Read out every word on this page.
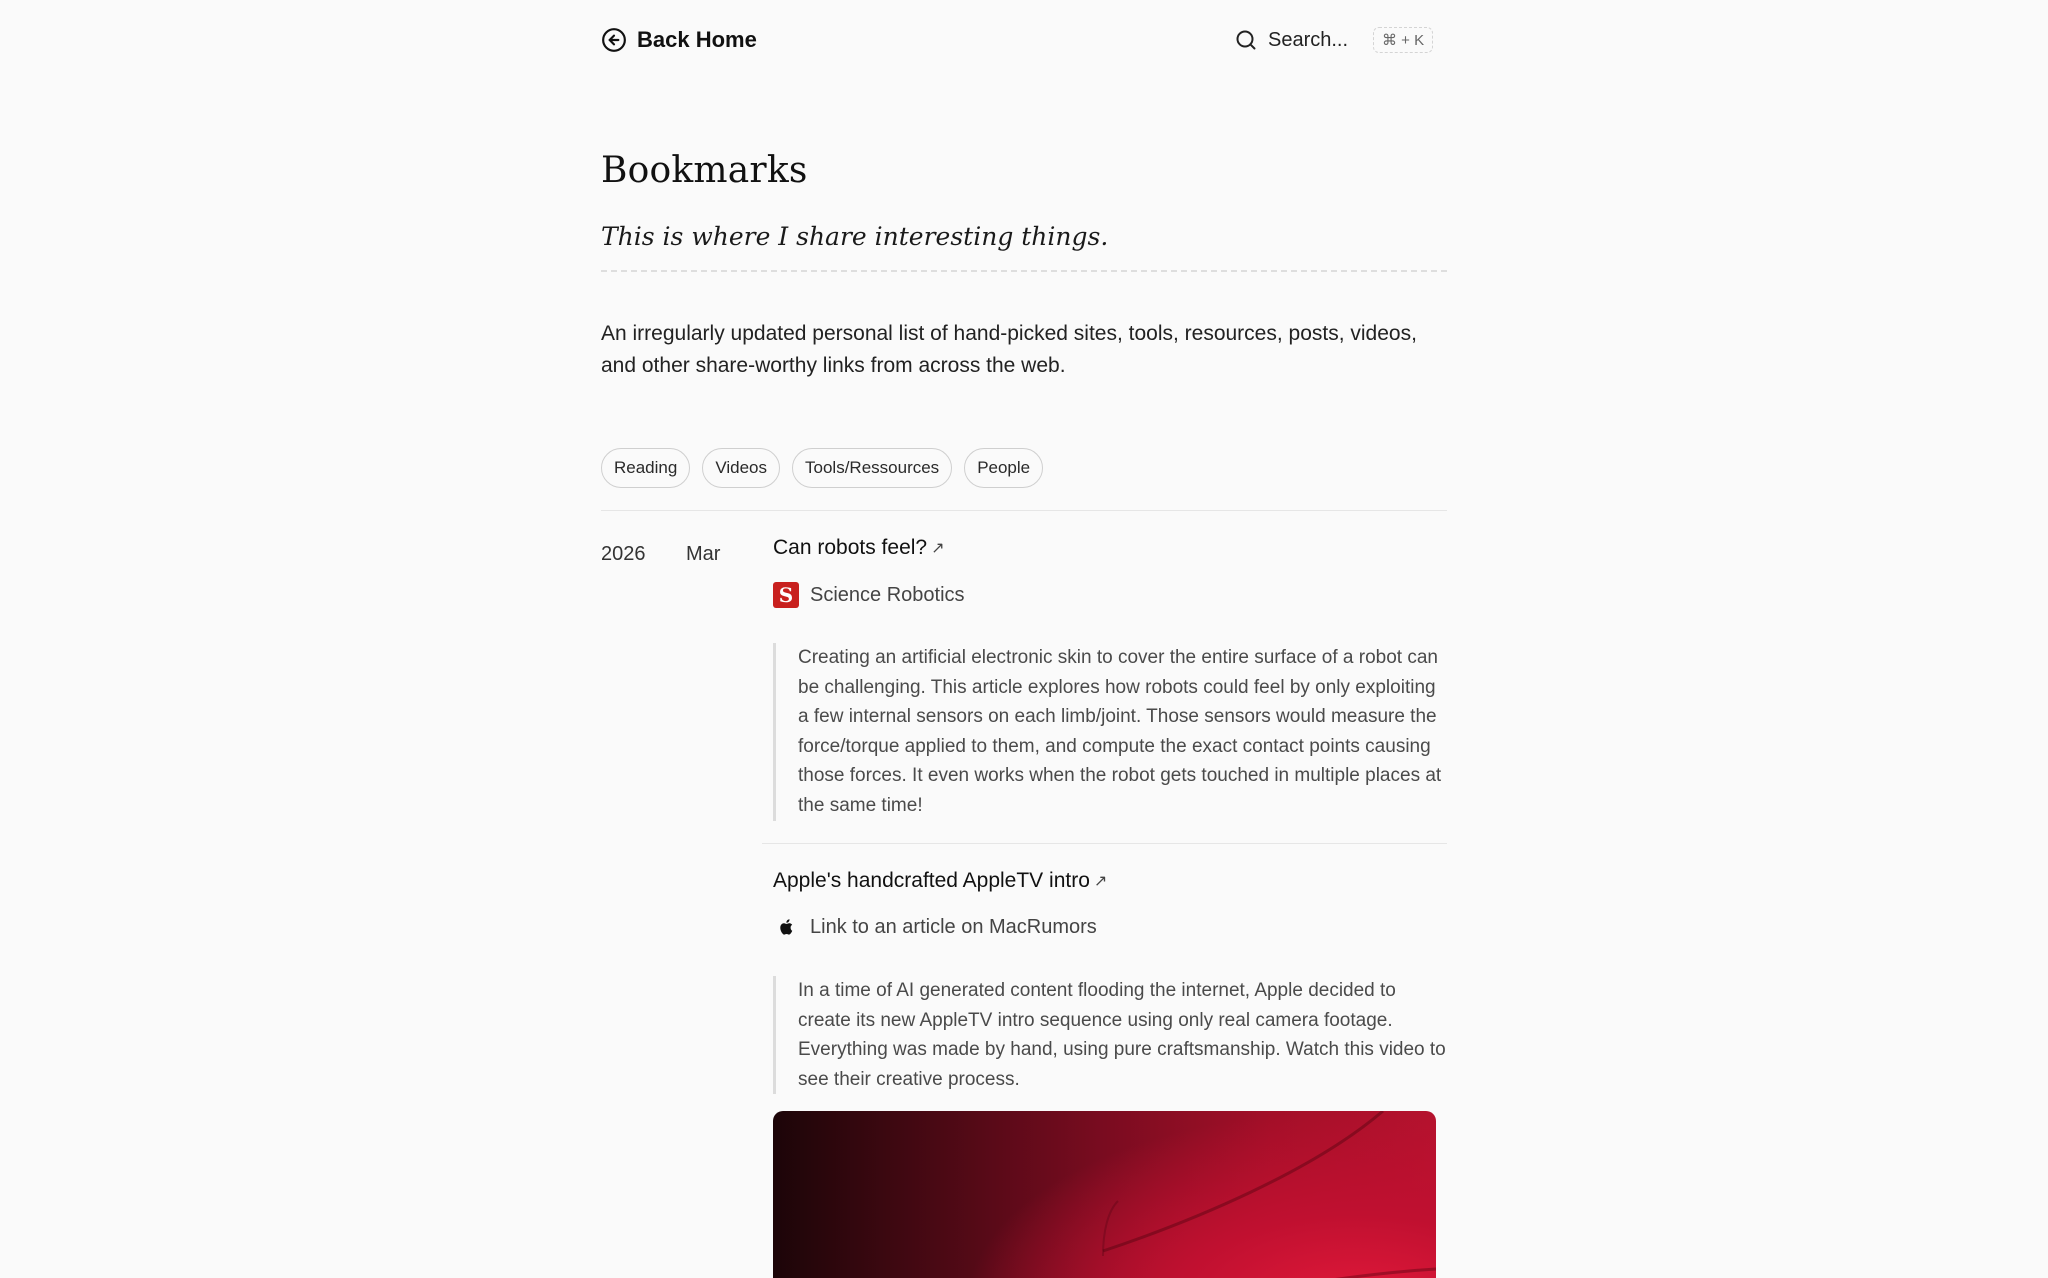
Back Home	Search... ⌘ + K
Bookmarks
This is where I share interesting things.

An irregularly updated personal list of hand-picked sites, tools, resources, posts, videos, and other share-worthy links from across the web.

Reading	Videos	Tools/Ressources	People
2026 Mar	Can robots feel? ↗
S Science Robotics
Creating an artificial electronic skin to cover the entire surface of a robot can be challenging. This article explores how robots could feel by only exploiting a few internal sensors on each limb/joint. Those sensors would measure the force/torque applied to them, and compute the exact contact points causing those forces. It even works when the robot gets touched in multiple places at the same time!
Apple's handcrafted AppleTV intro ↗
Link to an article on MacRumors
In a time of AI generated content flooding the internet, Apple decided to create its new AppleTV intro sequence using only real camera footage. Everything was made by hand, using pure craftsmanship. Watch this video to see their creative process.
